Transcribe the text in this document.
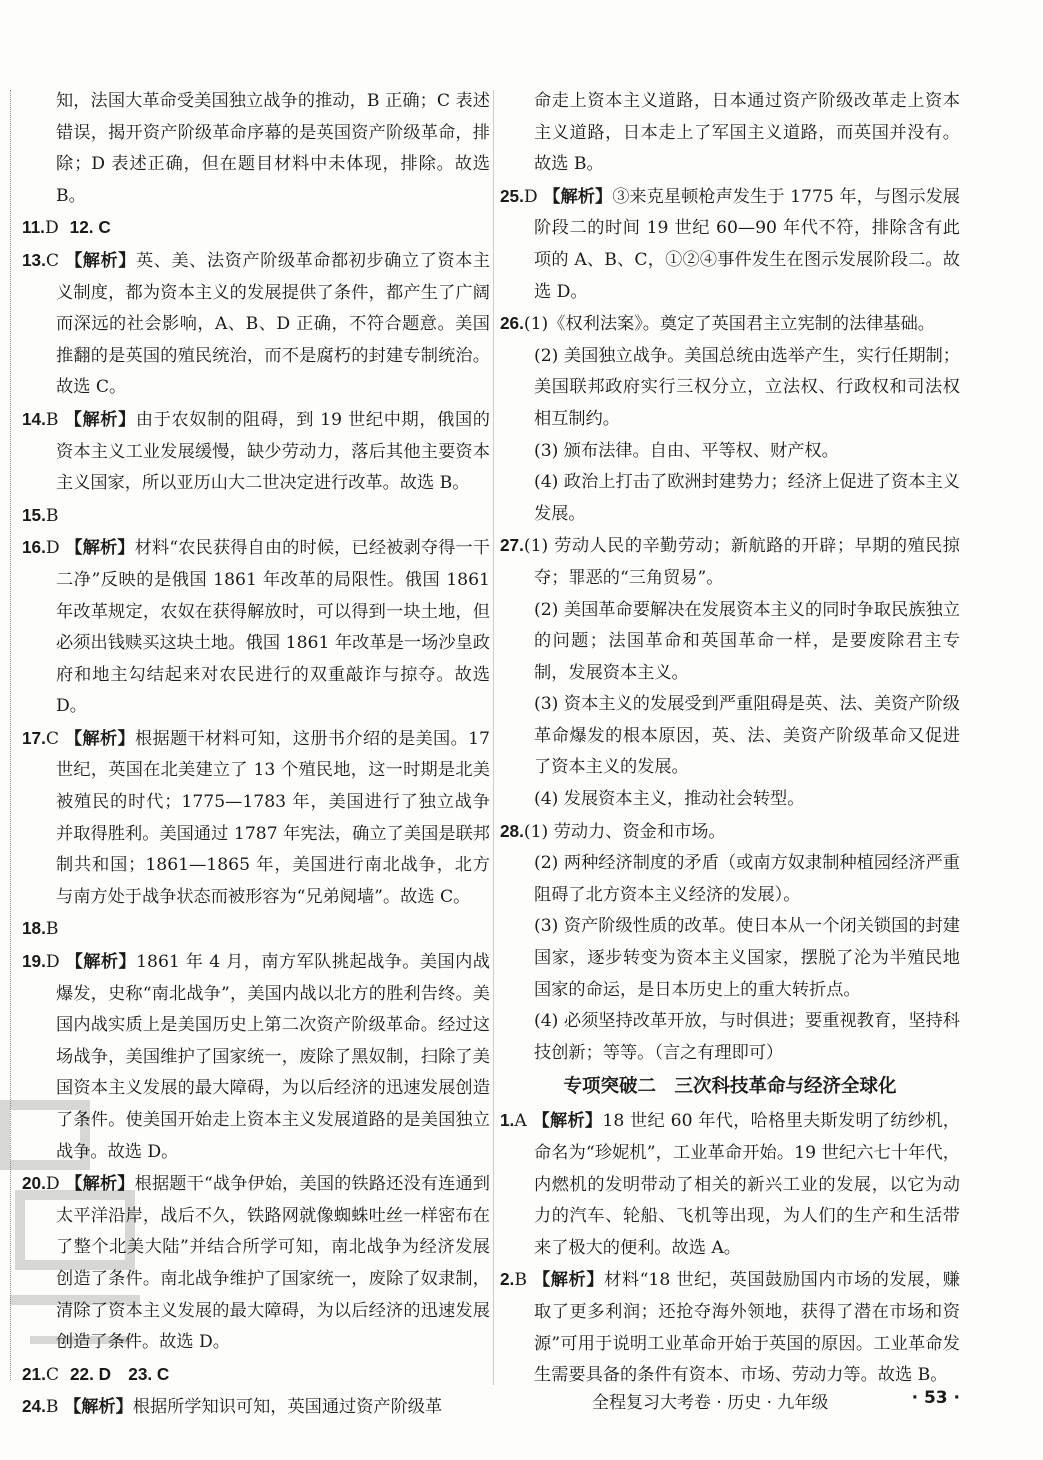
知，法国大革命受美国独立战争的推动，B 正确；C 表述错误，揭开资产阶级革命序幕的是英国资产阶级革命，排除；D 表述正确，但在题目材料中未体现，排除。故选 B。

11.D 12. C

13.C 【解析】英、美、法资产阶级革命都初步确立了资本主义制度，都为资本主义的发展提供了条件，都产生了广阔而深远的社会影响，A、B、D 正确，不符合题意。美国推翻的是英国的殖民统治，而不是腐朽的封建专制统治。故选 C。

14.B 【解析】由于农奴制的阻碍，到 19 世纪中期，俄国的资本主义工业发展缓慢，缺少劳动力，落后其他主要资本主义国家，所以亚历山大二世决定进行改革。故选 B。

15.B

16.D 【解析】材料“农民获得自由的时候，已经被剥夺得一干二净”反映的是俄国 1861 年改革的局限性。俄国 1861 年改革规定，农奴在获得解放时，可以得到一块土地，但必须出钱赎买这块土地。俄国 1861 年改革是一场沙皇政府和地主勾结起来对农民进行的双重敲诈与掠夺。故选 D。

17.C 【解析】根据题干材料可知，这册书介绍的是美国。17 世纪，英国在北美建立了 13 个殖民地，这一时期是北美被殖民的时代；1775—1783 年，美国进行了独立战争并取得胜利。美国通过 1787 年宪法，确立了美国是联邦制共和国；1861—1865 年，美国进行南北战争，北方与南方处于战争状态而被形容为“兄弟阋墙”。故选 C。

18.B

19.D 【解析】1861 年 4 月，南方军队挑起战争。美国内战爆发，史称“南北战争”，美国内战以北方的胜利告终。美国内战实质上是美国历史上第二次资产阶级革命。经过这场战争，美国维护了国家统一，废除了黑奴制，扫除了美国资本主义发展的最大障碍，为以后经济的迅速发展创造了条件。使美国开始走上资本主义发展道路的是美国独立战争。故选 D。

20.D 【解析】根据题干“战争伊始，美国的铁路还没有连通到太平洋沿岸，战后不久，铁路网就像蜘蛛吐丝一样密布在了整个北美大陆”并结合所学可知，南北战争为经济发展创造了条件。南北战争维护了国家统一，废除了奴隶制，清除了资本主义发展的最大障碍，为以后经济的迅速发展创造了条件。故选 D。

21.C 22. D　23. C

24.B 【解析】根据所学知识可知，英国通过资产阶级革

命走上资本主义道路，日本通过资产阶级改革走上资本主义道路，日本走上了军国主义道路，而英国并没有。故选 B。

25.D 【解析】③来克星顿枪声发生于 1775 年，与图示发展阶段二的时间 19 世纪 60—90 年代不符，排除含有此项的 A、B、C，①②④事件发生在图示发展阶段二。故选 D。

26.(1)《权利法案》。奠定了英国君主立宪制的法律基础。

(2) 美国独立战争。美国总统由选举产生，实行任期制；美国联邦政府实行三权分立，立法权、行政权和司法权相互制约。

(3) 颁布法律。自由、平等权、财产权。

(4) 政治上打击了欧洲封建势力；经济上促进了资本主义发展。

27.(1) 劳动人民的辛勤劳动；新航路的开辟；早期的殖民掠夺；罪恶的“三角贸易”。

(2) 美国革命要解决在发展资本主义的同时争取民族独立的问题；法国革命和英国革命一样，是要废除君主专制，发展资本主义。

(3) 资本主义的发展受到严重阻碍是英、法、美资产阶级革命爆发的根本原因，英、法、美资产阶级革命又促进了资本主义的发展。

(4) 发展资本主义，推动社会转型。

28.(1) 劳动力、资金和市场。

(2) 两种经济制度的矛盾（或南方奴隶制种植园经济严重阻碍了北方资本主义经济的发展）。

(3) 资产阶级性质的改革。使日本从一个闭关锁国的封建国家，逐步转变为资本主义国家，摆脱了沦为半殖民地国家的命运，是日本历史上的重大转折点。

(4) 必须坚持改革开放，与时俱进；要重视教育，坚持科技创新；等等。（言之有理即可）

专项突破二　三次科技革命与经济全球化

1.A 【解析】18 世纪 60 年代，哈格里夫斯发明了纺纱机，命名为“珍妮机”，工业革命开始。19 世纪六七十年代，内燃机的发明带动了相关的新兴工业的发展，以它为动力的汽车、轮船、飞机等出现，为人们的生产和生活带来了极大的便利。故选 A。

2.B 【解析】材料“18 世纪，英国鼓励国内市场的发展，赚取了更多利润；还抢夺海外领地，获得了潜在市场和资源”可用于说明工业革命开始于英国的原因。工业革命发生需要具备的条件有资本、市场、劳动力等。故选 B。

全程复习大考卷 · 历史 · 九年级	· 53 ·
